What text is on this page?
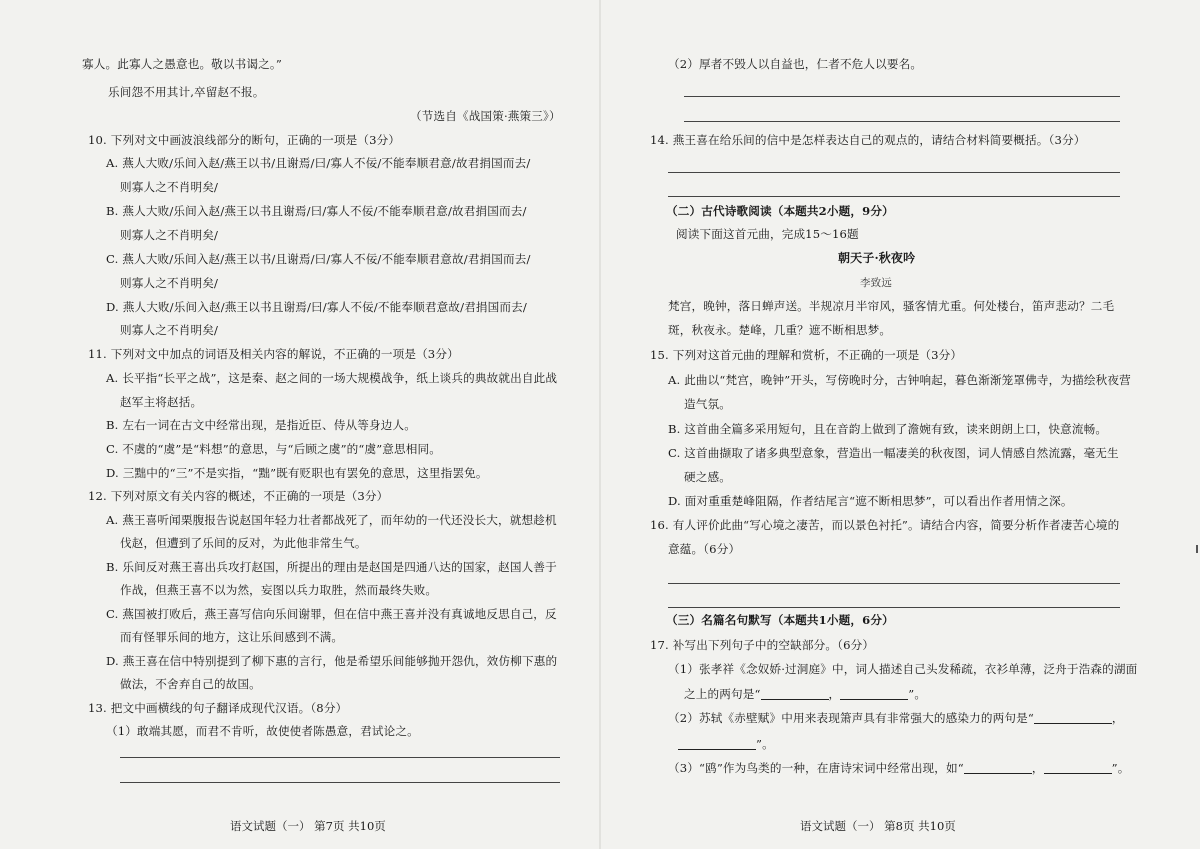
寡人。此寡人之愚意也。敬以书谒之。”
乐间怨不用其计,卒留赵不报。
（节选自《战国策·燕策三》）
10. 下列对文中画波浪线部分的断句，正确的一项是（3分）
A. 燕人大败/乐间入赵/燕王以书/且谢焉/曰/寡人不佞/不能奉顺君意/故君捐国而去/
则寡人之不肖明矣/
B. 燕人大败/乐间入赵/燕王以书且谢焉/曰/寡人不佞/不能奉顺君意/故君捐国而去/
则寡人之不肖明矣/
C. 燕人大败/乐间入赵/燕王以书/且谢焉/曰/寡人不佞/不能奉顺君意故/君捐国而去/
则寡人之不肖明矣/
D. 燕人大败/乐间入赵/燕王以书且谢焉/曰/寡人不佞/不能奉顺君意故/君捐国而去/
则寡人之不肖明矣/
11. 下列对文中加点的词语及相关内容的解说，不正确的一项是（3分）
A. 长平指“长平之战”，这是秦、赵之间的一场大规模战争，纸上谈兵的典故就出自此战
赵军主将赵括。
B. 左右一词在古文中经常出现，是指近臣、侍从等身边人。
C. 不虞的“虞”是“料想”的意思，与“后顾之虞”的“虞”意思相同。
D. 三黜中的“三”不是实指，“黜”既有贬职也有罢免的意思，这里指罢免。
12. 下列对原文有关内容的概述，不正确的一项是（3分）
A. 燕王喜听闻栗腹报告说赵国年轻力壮者都战死了，而年幼的一代还没长大，就想趁机
伐赵，但遭到了乐间的反对，为此他非常生气。
B. 乐间反对燕王喜出兵攻打赵国，所提出的理由是赵国是四通八达的国家，赵国人善于
作战，但燕王喜不以为然，妄图以兵力取胜，然而最终失败。
C. 燕国被打败后，燕王喜写信向乐间谢罪，但在信中燕王喜并没有真诚地反思自己，反
而有怪罪乐间的地方，这让乐间感到不满。
D. 燕王喜在信中特别提到了柳下惠的言行，他是希望乐间能够抛开怨仇，效仿柳下惠的
做法，不舍弃自己的故国。
13. 把文中画横线的句子翻译成现代汉语。（8分）
（1）敢端其愿，而君不肯听，故使使者陈愚意，君试论之。
（2）厚者不毁人以自益也，仁者不危人以要名。
14. 燕王喜在给乐间的信中是怎样表达自己的观点的，请结合材料简要概括。（3分）
（二）古代诗歌阅读（本题共2小题，9分）
阅读下面这首元曲，完成15～16题
朝天子·秋夜吟
李致远
梵宫，晚钟，落日蝉声送。半规凉月半帘风，骚客情尤重。何处楼台，笛声悲动？二毛
斑，秋夜永。楚峰，几重？遮不断相思梦。
15. 下列对这首元曲的理解和赏析，不正确的一项是（3分）
A. 此曲以“梵宫，晚钟”开头，写傍晚时分，古钟响起，暮色渐渐笼罩佛寺，为描绘秋夜营
造气氛。
B. 这首曲全篇多采用短句，且在音韵上做到了澹婉有致，读来朗朗上口，快意流畅。
C. 这首曲撷取了诸多典型意象，营造出一幅凄美的秋夜图，词人情感自然流露，毫无生
硬之感。
D. 面对重重楚峰阻隔，作者结尾言“遮不断相思梦”，可以看出作者用情之深。
16. 有人评价此曲“写心境之凄苦，而以景色衬托”。请结合内容，简要分析作者凄苦心境的
意蕴。（6分）
（三）名篇名句默写（本题共1小题，6分）
17. 补写出下列句子中的空缺部分。（6分）
（1）张孝祥《念奴娇·过洞庭》中，词人描述自己头发稀疏，衣衫单薄，泛舟于浩森的湖面
之上的两句是“	，	”。
（2）苏轼《赤壁赋》中用来表现箫声具有非常强大的感染力的两句是“	，
”。
（3）“鸥”作为鸟类的一种，在唐诗宋词中经常出现，如“	，	”。
语文试题（一） 第7页 共10页	语文试题（一） 第8页 共10页
